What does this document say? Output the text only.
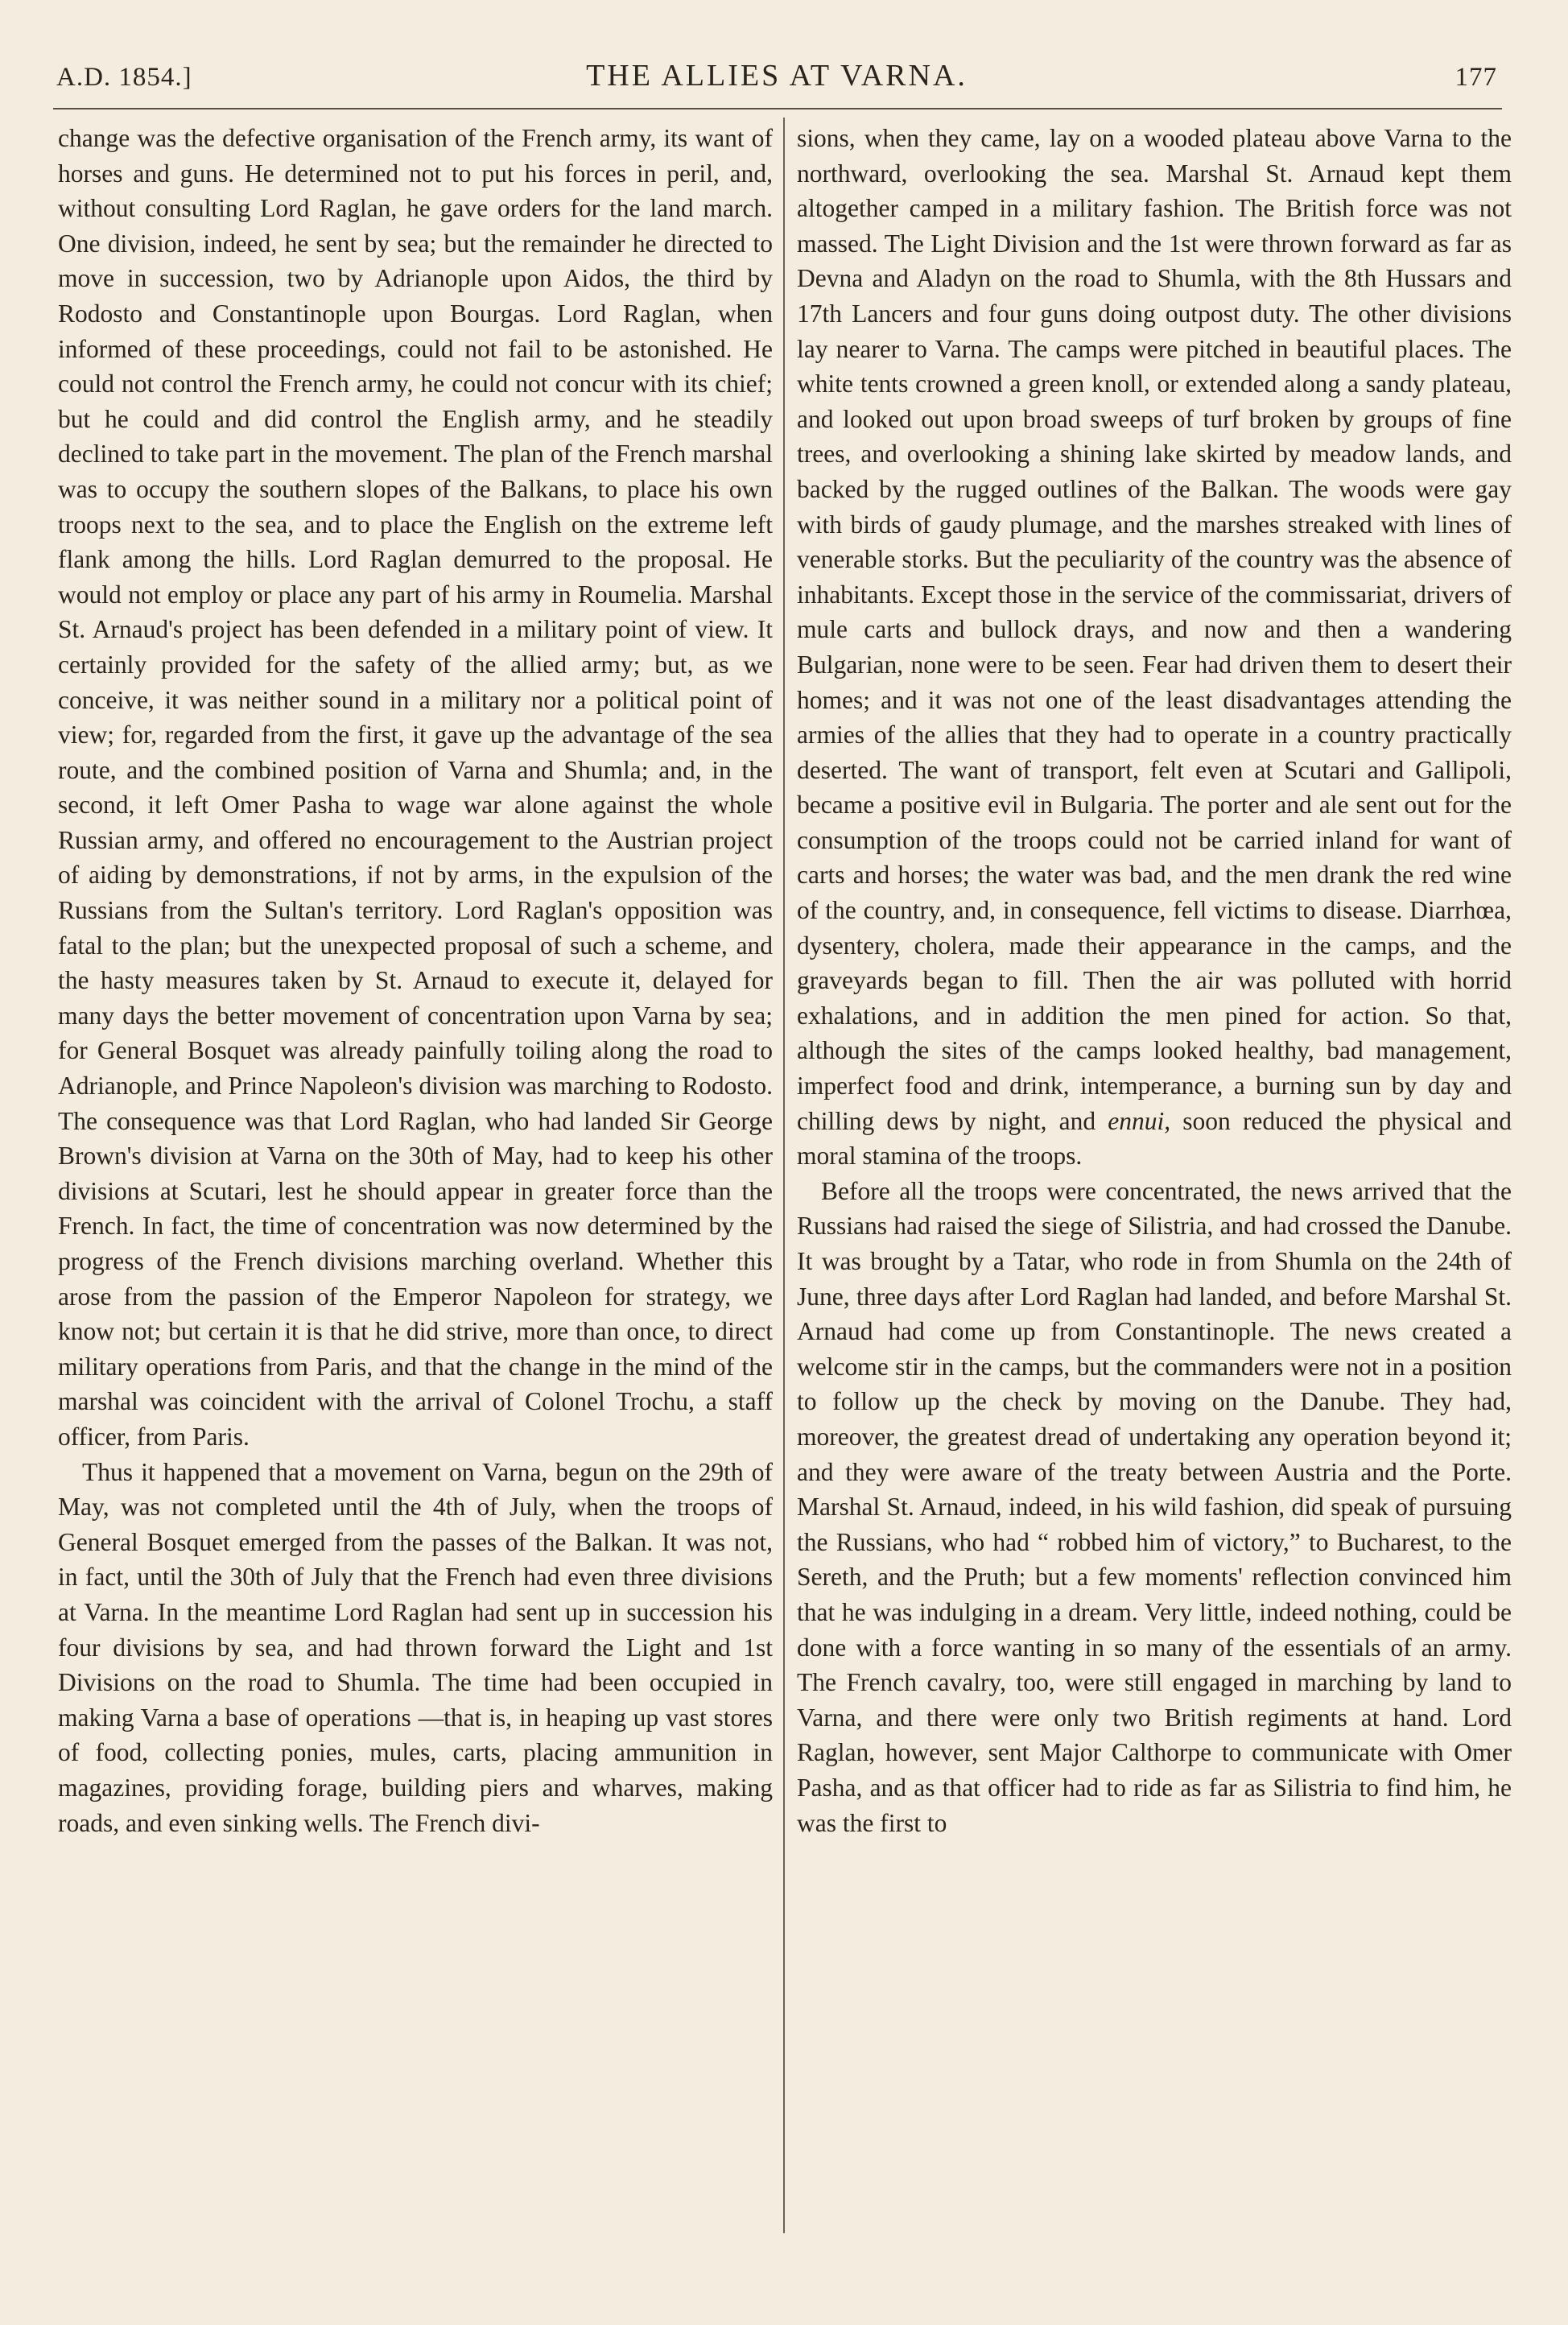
A.D. 1854.]	THE ALLIES AT VARNA.	177

change was the defective organisation of the French army, its want of horses and guns. He determined not to put his forces in peril, and, without consulting Lord Raglan, he gave orders for the land march. One division, indeed, he sent by sea; but the remainder he directed to move in succession, two by Adrianople upon Aidos, the third by Rodosto and Constantinople upon Bourgas. Lord Raglan, when informed of these proceedings, could not fail to be astonished. He could not control the French army, he could not concur with its chief; but he could and did control the English army, and he steadily declined to take part in the movement. The plan of the French marshal was to occupy the southern slopes of the Balkans, to place his own troops next to the sea, and to place the English on the extreme left flank among the hills. Lord Raglan demurred to the proposal. He would not employ or place any part of his army in Roumelia. Marshal St. Arnaud's project has been defended in a military point of view. It certainly provided for the safety of the allied army; but, as we conceive, it was neither sound in a military nor a political point of view; for, regarded from the first, it gave up the advantage of the sea route, and the combined position of Varna and Shumla; and, in the second, it left Omer Pasha to wage war alone against the whole Russian army, and offered no encouragement to the Austrian project of aiding by demonstrations, if not by arms, in the expulsion of the Russians from the Sultan's territory. Lord Raglan's opposition was fatal to the plan; but the unexpected proposal of such a scheme, and the hasty measures taken by St. Arnaud to execute it, delayed for many days the better movement of concentration upon Varna by sea; for General Bosquet was already painfully toiling along the road to Adrianople, and Prince Napoleon's division was marching to Rodosto. The consequence was that Lord Raglan, who had landed Sir George Brown's division at Varna on the 30th of May, had to keep his other divisions at Scutari, lest he should appear in greater force than the French. In fact, the time of concentration was now determined by the progress of the French divisions marching overland. Whether this arose from the passion of the Emperor Napoleon for strategy, we know not; but certain it is that he did strive, more than once, to direct military operations from Paris, and that the change in the mind of the marshal was coincident with the arrival of Colonel Trochu, a staff officer, from Paris.

Thus it happened that a movement on Varna, begun on the 29th of May, was not completed until the 4th of July, when the troops of General Bosquet emerged from the passes of the Balkan. It was not, in fact, until the 30th of July that the French had even three divisions at Varna. In the meantime Lord Raglan had sent up in succession his four divisions by sea, and had thrown forward the Light and 1st Divisions on the road to Shumla. The time had been occupied in making Varna a base of operations —that is, in heaping up vast stores of food, collecting ponies, mules, carts, placing ammunition in magazines, providing forage, building piers and wharves, making roads, and even sinking wells. The French divi-

sions, when they came, lay on a wooded plateau above Varna to the northward, overlooking the sea. Marshal St. Arnaud kept them altogether camped in a military fashion. The British force was not massed. The Light Division and the 1st were thrown forward as far as Devna and Aladyn on the road to Shumla, with the 8th Hussars and 17th Lancers and four guns doing outpost duty. The other divisions lay nearer to Varna. The camps were pitched in beautiful places. The white tents crowned a green knoll, or extended along a sandy plateau, and looked out upon broad sweeps of turf broken by groups of fine trees, and overlooking a shining lake skirted by meadow lands, and backed by the rugged outlines of the Balkan. The woods were gay with birds of gaudy plumage, and the marshes streaked with lines of venerable storks. But the peculiarity of the country was the absence of inhabitants. Except those in the service of the commissariat, drivers of mule carts and bullock drays, and now and then a wandering Bulgarian, none were to be seen. Fear had driven them to desert their homes; and it was not one of the least disadvantages attending the armies of the allies that they had to operate in a country practically deserted. The want of transport, felt even at Scutari and Gallipoli, became a positive evil in Bulgaria. The porter and ale sent out for the consumption of the troops could not be carried inland for want of carts and horses; the water was bad, and the men drank the red wine of the country, and, in consequence, fell victims to disease. Diarrhœa, dysentery, cholera, made their appearance in the camps, and the graveyards began to fill. Then the air was polluted with horrid exhalations, and in addition the men pined for action. So that, although the sites of the camps looked healthy, bad management, imperfect food and drink, intemperance, a burning sun by day and chilling dews by night, and ennui, soon reduced the physical and moral stamina of the troops.

Before all the troops were concentrated, the news arrived that the Russians had raised the siege of Silistria, and had crossed the Danube. It was brought by a Tatar, who rode in from Shumla on the 24th of June, three days after Lord Raglan had landed, and before Marshal St. Arnaud had come up from Constantinople. The news created a welcome stir in the camps, but the commanders were not in a position to follow up the check by moving on the Danube. They had, moreover, the greatest dread of undertaking any operation beyond it; and they were aware of the treaty between Austria and the Porte. Marshal St. Arnaud, indeed, in his wild fashion, did speak of pursuing the Russians, who had “ robbed him of victory,” to Bucharest, to the Sereth, and the Pruth; but a few moments' reflection convinced him that he was indulging in a dream. Very little, indeed nothing, could be done with a force wanting in so many of the essentials of an army. The French cavalry, too, were still engaged in marching by land to Varna, and there were only two British regiments at hand. Lord Raglan, however, sent Major Calthorpe to communicate with Omer Pasha, and as that officer had to ride as far as Silistria to find him, he was the first to
